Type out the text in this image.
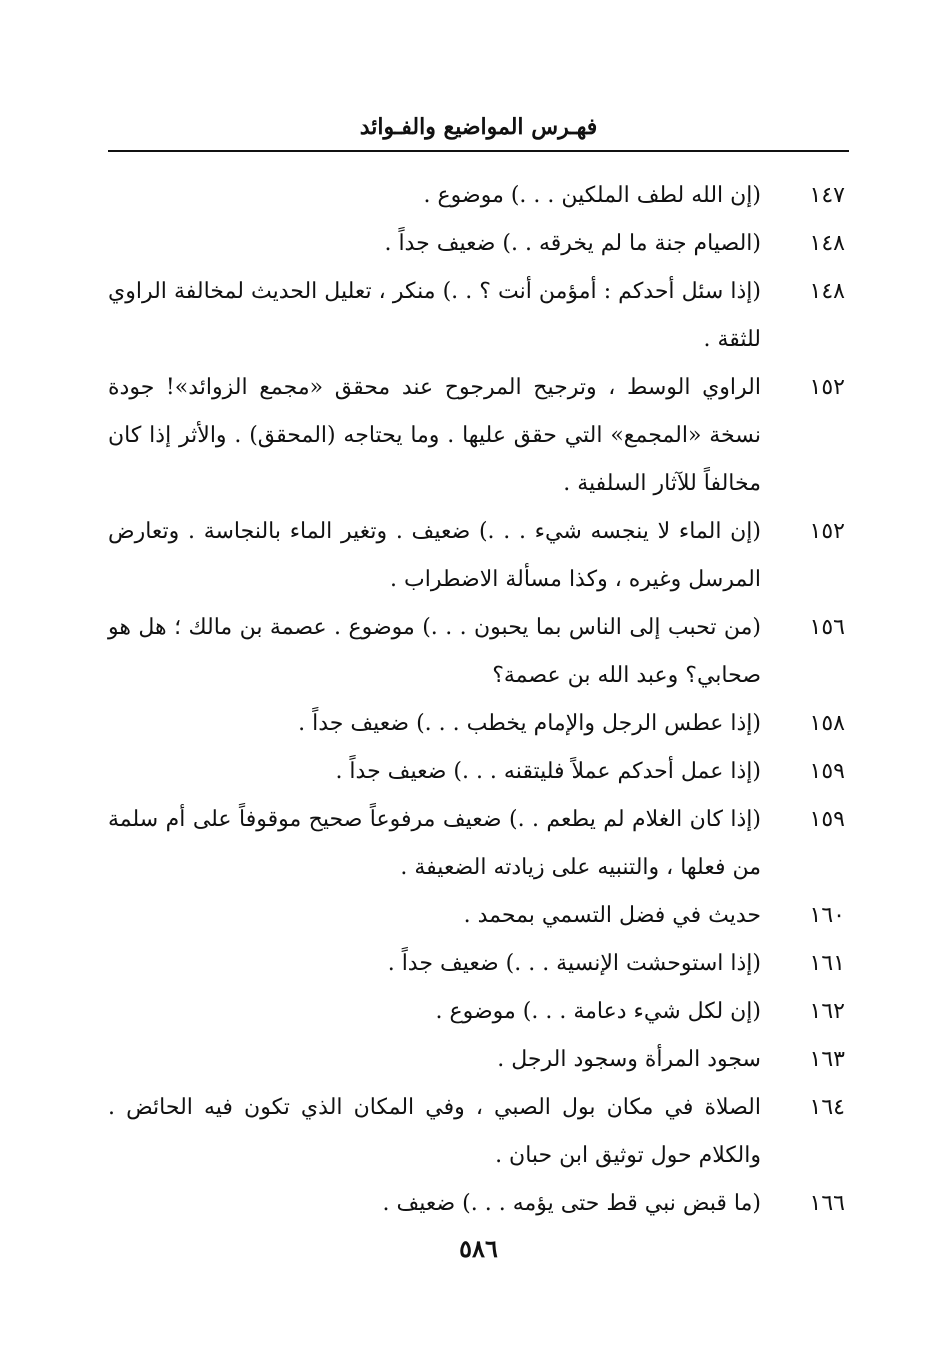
فهـرس المواضيع والفـوائد
١٤٧
(إن الله لطف الملكين . . .) موضوع .
١٤٨
(الصيام جنة ما لم يخرقه . .) ضعيف جداً .
١٤٨
(إذا سئل أحدكم : أمؤمن أنت ؟ . .) منكر ، تعليل الحديث لمخالفة الراوي للثقة .
١٥٢
الراوي الوسط ، وترجيح المرجوح عند محقق «مجمع الزوائد»! جودة نسخة «المجمع» التي حقق عليها . وما يحتاجه (المحقق) . والأثر إذا كان مخالفاً للآثار السلفية .
١٥٢
(إن الماء لا ينجسه شيء . . .) ضعيف . وتغير الماء بالنجاسة . وتعارض المرسل وغيره ، وكذا مسألة الاضطراب .
١٥٦
(من تحبب إلى الناس بما يحبون . . .) موضوع . عصمة بن مالك ؛ هل هو صحابي؟ وعبد الله بن عصمة؟
١٥٨
(إذا عطس الرجل والإمام يخطب . . .) ضعيف جداً .
١٥٩
(إذا عمل أحدكم عملاً فليتقنه . . .) ضعيف جداً .
١٥٩
(إذا كان الغلام لم يطعم . .) ضعيف مرفوعاً صحيح موقوفاً على أم سلمة من فعلها ، والتنبيه على زيادته الضعيفة .
١٦٠
حديث في فضل التسمي بمحمد .
١٦١
(إذا استوحشت الإنسية . . .) ضعيف جداً .
١٦٢
(إن لكل شيء دعامة . . .) موضوع .
١٦٣
سجود المرأة وسجود الرجل .
١٦٤
الصلاة في مكان بول الصبي ، وفي المكان الذي تكون فيه الحائض . والكلام حول توثيق ابن حبان .
١٦٦
(ما قبض نبي قط حتى يؤمه . . .) ضعيف .
٥٨٦
